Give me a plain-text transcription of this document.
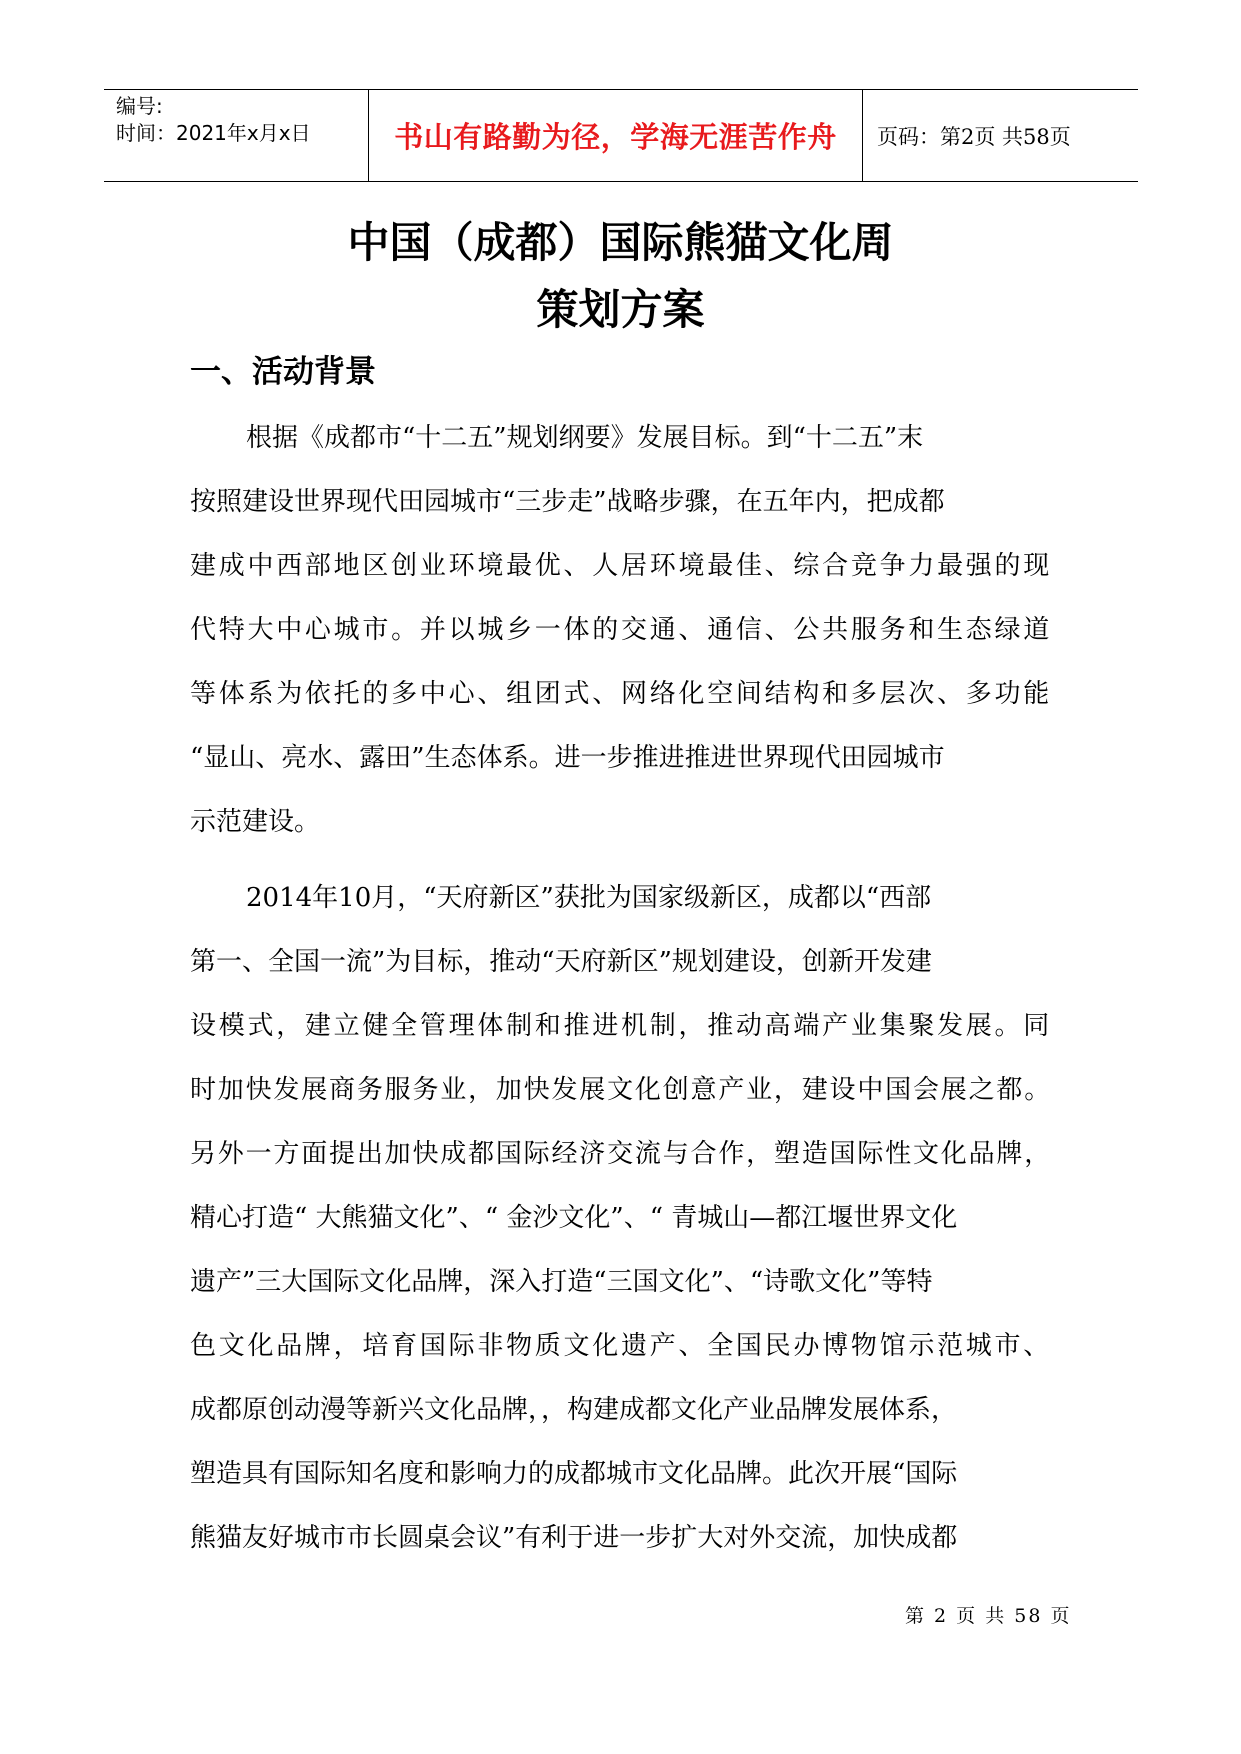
编号:
时间：2021年x月x日	书山有路勤为径，学海无涯苦作舟 页码：第2页 共58页
中国（成都）国际熊猫文化周
策划方案
一、活动背景
根据《成都市“十二五”规划纲要》发展目标。到“十二五”末
按照建设世界现代田园城市“三步走”战略步骤，在五年内，把成都
建成中西部地区创业环境最优、人居环境最佳、综合竞争力最强的现
代特大中心城市。并以城乡一体的交通、通信、公共服务和生态绿道
等体系为依托的多中心、组团式、网络化空间结构和多层次、多功能
“显山、亮水、露田”生态体系。进一步推进推进世界现代田园城市
示范建设。
2014年10月，“天府新区”获批为国家级新区，成都以“西部
第一、全国一流”为目标，推动“天府新区”规划建设，创新开发建
设模式，建立健全管理体制和推进机制，推动高端产业集聚发展。同
时加快发展商务服务业，加快发展文化创意产业，建设中国会展之都。
另外一方面提出加快成都国际经济交流与合作，塑造国际性文化品牌，
精心打造“ 大熊猫文化”、“ 金沙文化”、“ 青城山—都江堰世界文化
遗产”三大国际文化品牌，深入打造“三国文化”、“诗歌文化”等特
色文化品牌，培育国际非物质文化遗产、全国民办博物馆示范城市、
成都原创动漫等新兴文化品牌，，构建成都文化产业品牌发展体系，
塑造具有国际知名度和影响力的成都城市文化品牌。此次开展“国际
熊猫友好城市市长圆桌会议”有利于进一步扩大对外交流，加快成都
第 2 页 共 58 页
